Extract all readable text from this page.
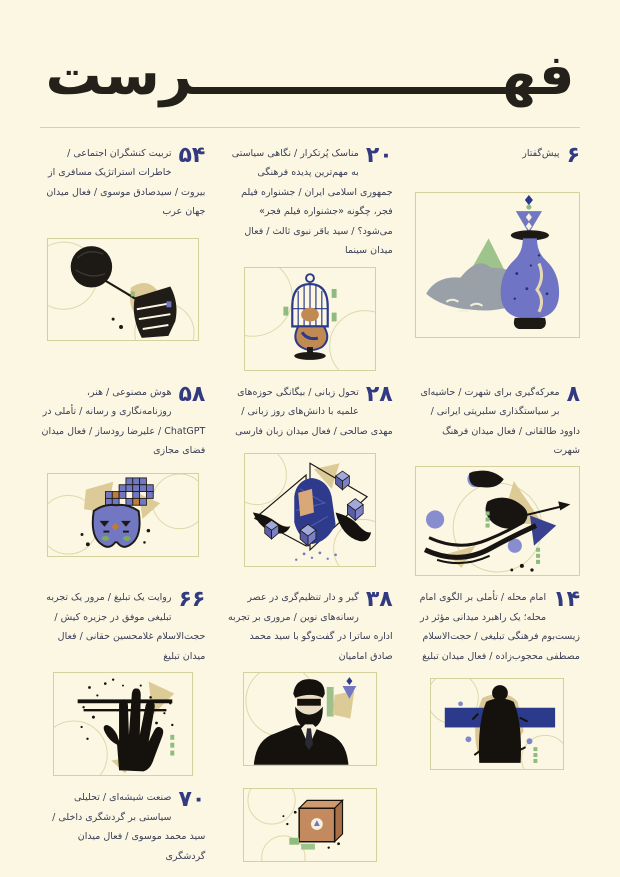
فهــــــــــــــــرست
۶

پیش‌گفتار

۲۰

مناسک پُرتکرار / نگاهی سیاستی به مهم‌ترین پدیده فرهنگی جمهوری اسلامی ایران / جشنواره فیلم فجر، چگونه «جشنواره فیلم فجر» می‌شود؟ / سید باقر نبوی ثالث / فعال میدان سینما

۵۴

تربیت کنشگران اجتماعی / خاطرات استراتژیک مسافری از بیروت / سیدصادق موسوی / فعال میدان جهان عرب

۸

معرکه‌گیری برای شهرت / حاشیه‌ای بر سیاستگذاری سلبریتی ایرانی / داوود طالقانی / فعال میدان فرهنگ شهرت

۲۸

تحول زبانی / بیگانگی حوزه‌های علمیه با دانش‌های روز زبانی / مهدی صالحی / فعال میدان زبان فارسی

۵۸

هوش مصنوعی / هنر، روزنامه‌نگاری و رسانه / تأملی در ChatGPT / علیرضا رودساز / فعال میدان فضای مجازی

۱۴

امام محله / تأملی بر الگوی امام محله؛ یک راهبرد میدانی مؤثر در زیست‌بوم فرهنگی تبلیغی / حجت‌الاسلام مصطفی محجوب‌زاده / فعال میدان تبلیغ

۳۸

گیر و دار تنظیم‌گری در عصر رسانه‌های نوین / مروری بر تجربه اداره ساترا در گفت‌وگو با سید محمد صادق امامیان

۶۶

روایت یک تبلیغ / مرور یک تجربه تبلیغی موفق در جزیره کیش / حجت‌الاسلام غلامحسین حقانی / فعال میدان تبلیغ

۷۰

صنعت شیشه‌ای / تحلیلی سیاستی بر گردشگری داخلی / سید محمد موسوی / فعال میدان گردشگری
